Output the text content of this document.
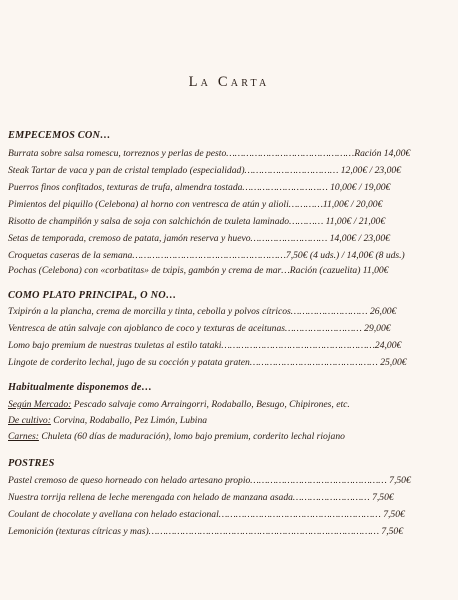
La Carta
EMPECEMOS CON…
Burrata sobre salsa romescu, torreznos y perlas de pesto………………………………………Ración 14,00€
Steak Tartar de vaca y pan de cristal templado (especialidad)…………………………… 12,00€ / 23,00€
Puerros finos confitados, texturas de trufa, almendra tostada………………………… 10,00€ / 19,00€
Pimientos del piquillo (Celebona) al horno con ventresca de atún y alioli…………11,00€ / 20,00€
Risotto de champiñón y salsa de soja con salchichón de txuleta laminado………… 11,00€ / 21,00€
Setas de temporada, cremoso de patata, jamón reserva y huevo……………………… 14,00€ / 23,00€
Croquetas caseras de la semana………………………………………………7,50€ (4 uds.) / 14,00€ (8 uds.)
Pochas (Celebona) con «corbatitas» de txipis, gambón y crema de mar…Ración (cazuelita) 11,00€
COMO PLATO PRINCIPAL, O NO…
Txipirón a la plancha, crema de morcilla y tinta, cebolla y polvos cítricos……………………… 26,00€
Ventresca de atún salvaje con ajoblanco de coco y texturas de aceitunas……………………… 29,00€
Lomo bajo premium de nuestras txuletas al estilo tataki………………………………………………24,00€
Lingote de corderito lechal, jugo de su cocción y patata graten……………………………………… 25,00€
Habitualmente disponemos de…
Según Mercado: Pescado salvaje como Arraingorri, Rodaballo, Besugo, Chipirones, etc.
De cultivo: Corvina, Rodaballo, Pez Limón, Lubina
Carnes: Chuleta (60 días de maduración), lomo bajo premium, corderito lechal riojano
POSTRES
Pastel cremoso de queso horneado con helado artesano propio………………………………………… 7,50€
Nuestra torrija rellena de leche merengada con helado de manzana asada……………………… 7,50€
Coulant de chocolate y avellana con helado estacional………………………………………………… 7,50€
Lemonición (texturas cítricas y mas)……………………………………………………………………… 7,50€
